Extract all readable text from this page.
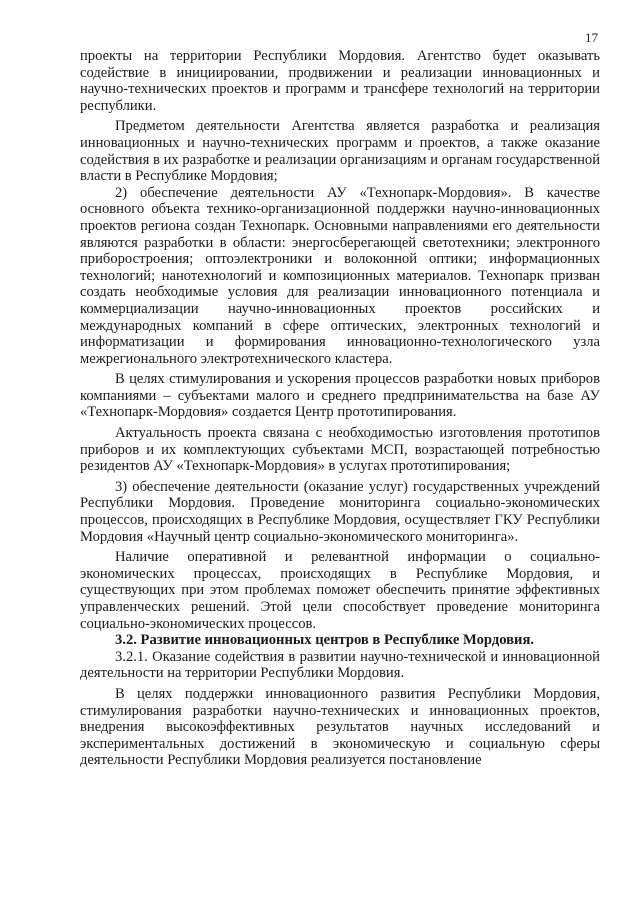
17

проекты на территории Республики Мордовия. Агентство будет оказывать содействие в инициировании, продвижении и реализации инновационных и научно-технических проектов и программ и трансфере технологий на территории республики.

Предметом деятельности Агентства является разработка и реализация инновационных и научно-технических программ и проектов, а также оказание содействия в их разработке и реализации организациям и органам государственной власти в Республике Мордовия;

2) обеспечение деятельности АУ «Технопарк-Мордовия». В качестве основного объекта технико-организационной поддержки научно-инновационных проектов региона создан Технопарк. Основными направлениями его деятельности являются разработки в области: энергосберегающей светотехники; электронного приборостроения; оптоэлектроники и волоконной оптики; информационных технологий; нанотехнологий и композиционных материалов. Технопарк призван создать необходимые условия для реализации инновационного потенциала и коммерциализации научно-инновационных проектов российских и международных компаний в сфере оптических, электронных технологий и информатизации и формирования инновационно-технологического узла межрегионального электротехнического кластера.

В целях стимулирования и ускорения процессов разработки новых приборов компаниями – субъектами малого и среднего предпринимательства на базе АУ «Технопарк-Мордовия» создается Центр прототипирования.

Актуальность проекта связана с необходимостью изготовления прототипов приборов и их комплектующих субъектами МСП, возрастающей потребностью резидентов АУ «Технопарк-Мордовия» в услугах прототипирования;

3) обеспечение деятельности (оказание услуг) государственных учреждений Республики Мордовия. Проведение мониторинга социально-экономических процессов, происходящих в Республике Мордовия, осуществляет ГКУ Республики Мордовия «Научный центр социально-экономического мониторинга».

Наличие оперативной и релевантной информации о социально-экономических процессах, происходящих в Республике Мордовия, и существующих при этом проблемах поможет обеспечить принятие эффективных управленческих решений. Этой цели способствует проведение мониторинга социально-экономических процессов.

3.2. Развитие инновационных центров в Республике Мордовия.

3.2.1. Оказание содействия в развитии научно-технической и инновационной деятельности на территории Республики Мордовия.

В целях поддержки инновационного развития Республики Мордовия, стимулирования разработки научно-технических и инновационных проектов, внедрения высокоэффективных результатов научных исследований и экспериментальных достижений в экономическую и социальную сферы деятельности Республики Мордовия реализуется постановление
